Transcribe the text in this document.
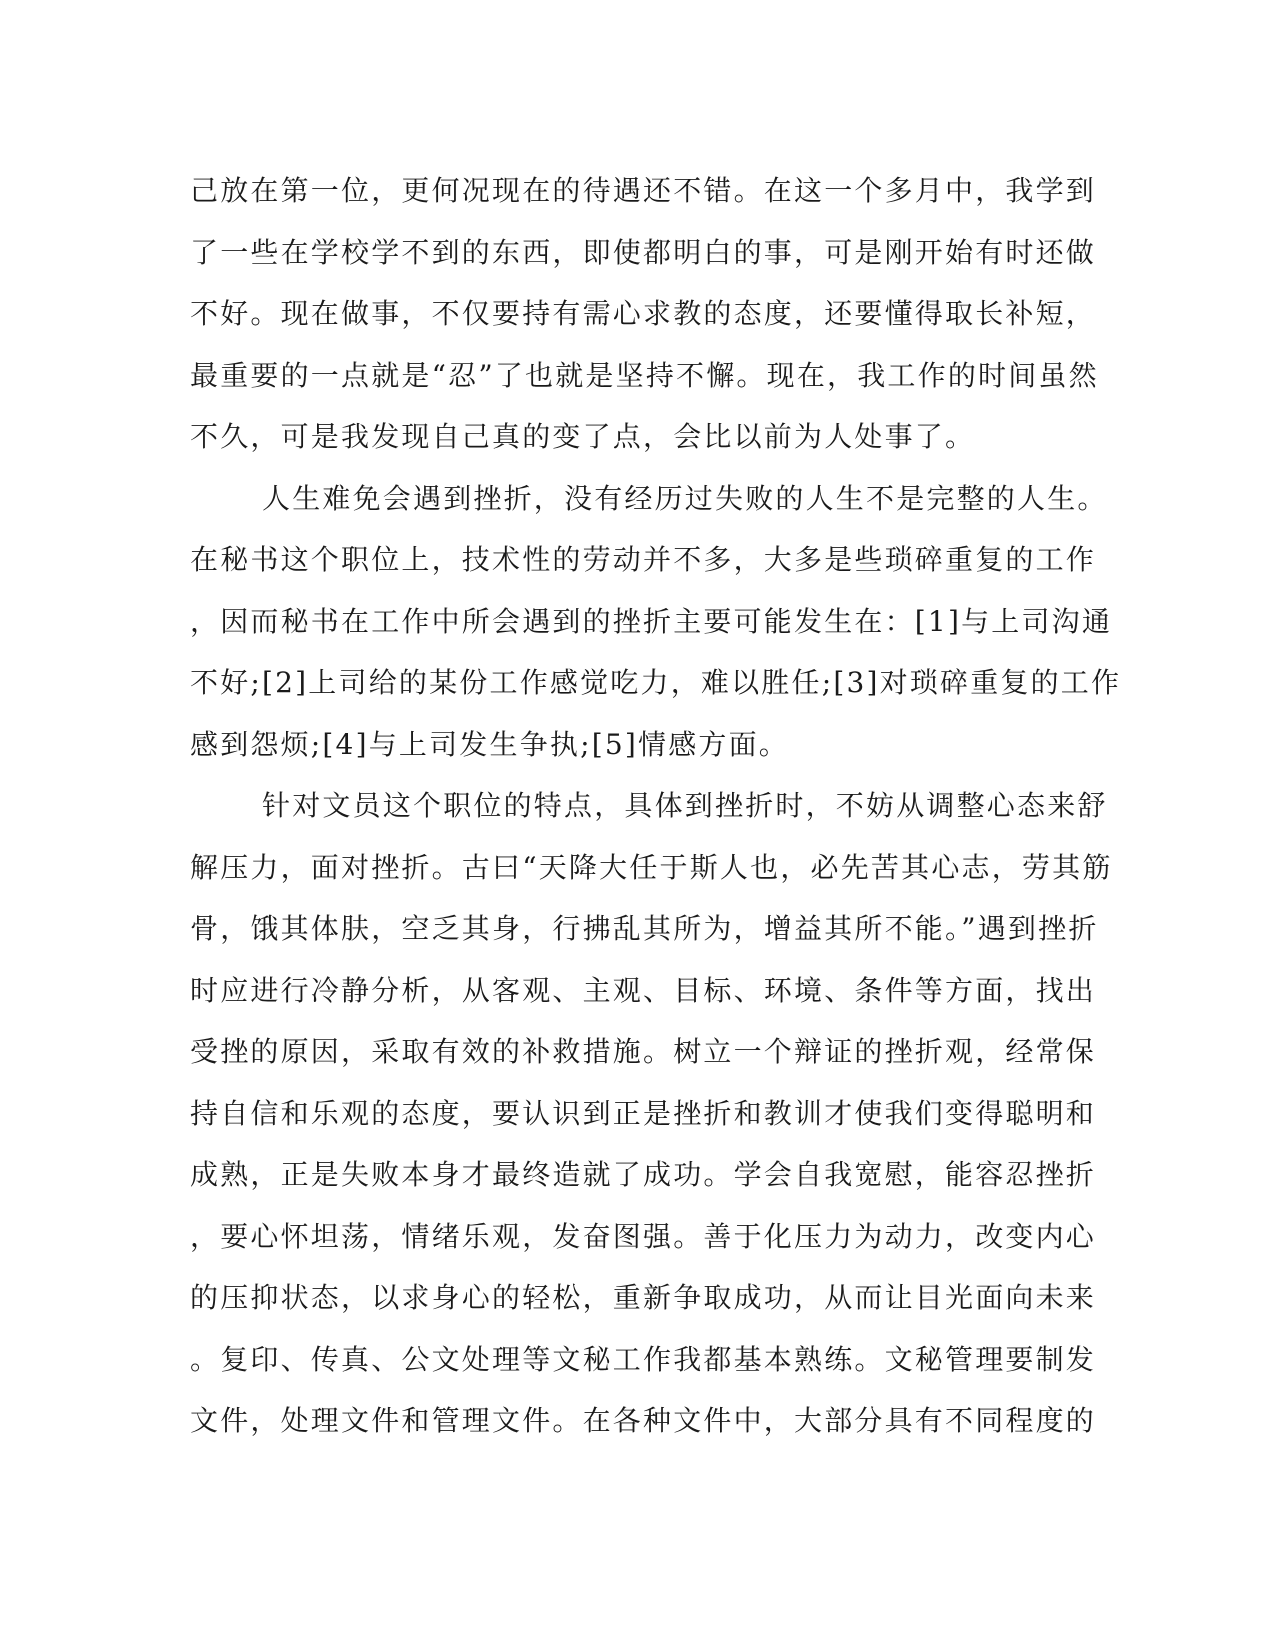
己放在第一位，更何况现在的待遇还不错。在这一个多月中，我学到
了一些在学校学不到的东西，即使都明白的事，可是刚开始有时还做
不好。现在做事，不仅要持有需心求教的态度，还要懂得取长补短，
最重要的一点就是“忍”了也就是坚持不懈。现在，我工作的时间虽然
不久，可是我发现自己真的变了点，会比以前为人处事了。
人生难免会遇到挫折，没有经历过失败的人生不是完整的人生。
在秘书这个职位上，技术性的劳动并不多，大多是些琐碎重复的工作
，因而秘书在工作中所会遇到的挫折主要可能发生在：[1]与上司沟通
不好;[2]上司给的某份工作感觉吃力，难以胜任;[3]对琐碎重复的工作
感到怨烦;[4]与上司发生争执;[5]情感方面。
针对文员这个职位的特点，具体到挫折时，不妨从调整心态来舒
解压力，面对挫折。古曰“天降大任于斯人也，必先苦其心志，劳其筋
骨，饿其体肤，空乏其身，行拂乱其所为，增益其所不能。”遇到挫折
时应进行冷静分析，从客观、主观、目标、环境、条件等方面，找出
受挫的原因，采取有效的补救措施。树立一个辩证的挫折观，经常保
持自信和乐观的态度，要认识到正是挫折和教训才使我们变得聪明和
成熟，正是失败本身才最终造就了成功。学会自我宽慰，能容忍挫折
，要心怀坦荡，情绪乐观，发奋图强。善于化压力为动力，改变内心
的压抑状态，以求身心的轻松，重新争取成功，从而让目光面向未来
。复印、传真、公文处理等文秘工作我都基本熟练。文秘管理要制发
文件，处理文件和管理文件。在各种文件中，大部分具有不同程度的
